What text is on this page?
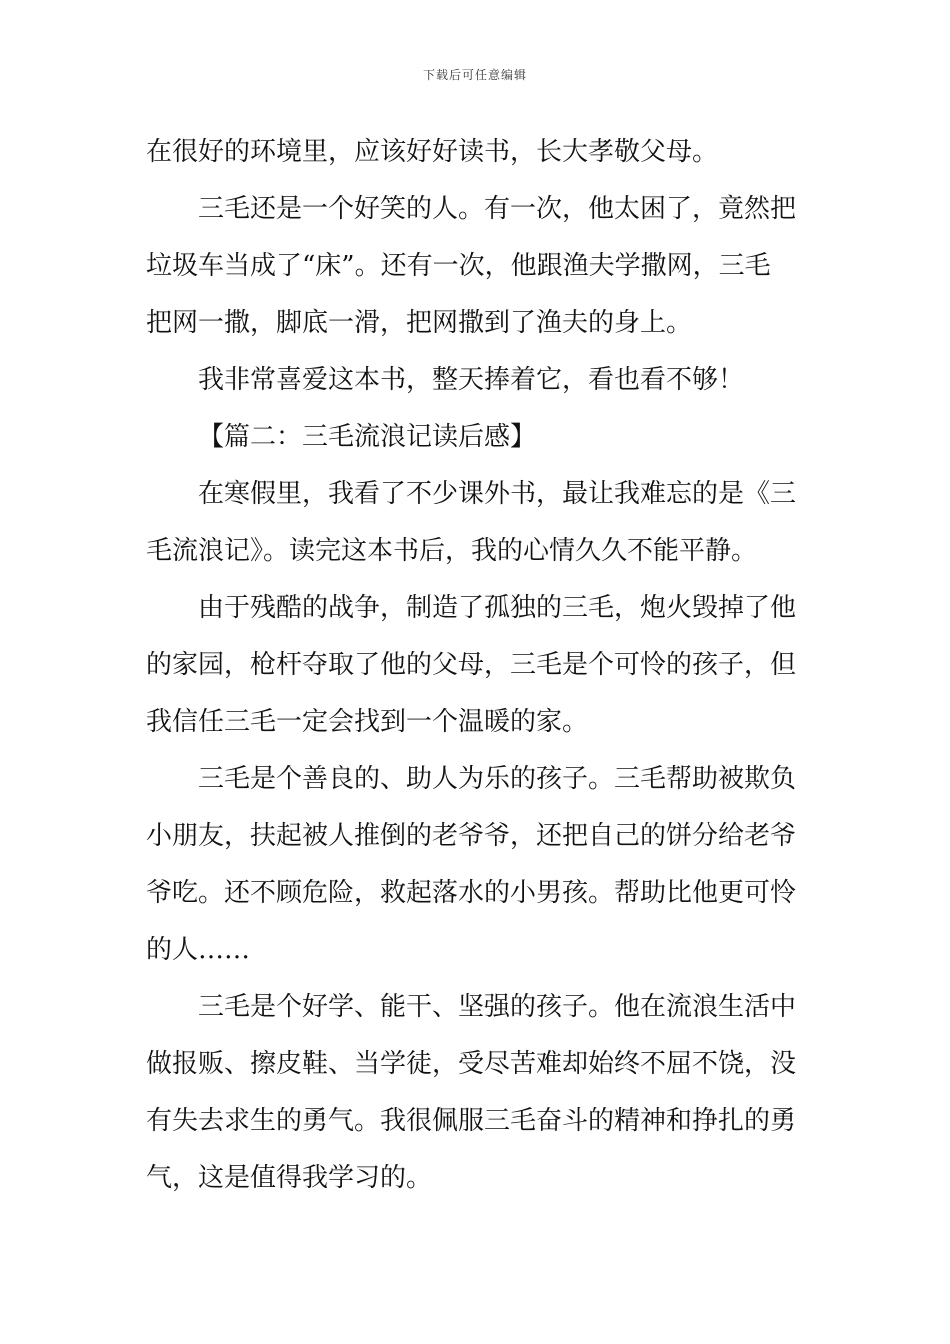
下载后可任意编辑

在很好的环境里，应该好好读书，长大孝敬父母。

三毛还是一个好笑的人。有一次，他太困了，竟然把
垃圾车当成了“床”。还有一次，他跟渔夫学撒网，三毛
把网一撒，脚底一滑，把网撒到了渔夫的身上。

我非常喜爱这本书，整天捧着它，看也看不够！

【篇二：三毛流浪记读后感】

在寒假里，我看了不少课外书，最让我难忘的是《三
毛流浪记》。读完这本书后，我的心情久久不能平静。

由于残酷的战争，制造了孤独的三毛，炮火毁掉了他
的家园，枪杆夺取了他的父母，三毛是个可怜的孩子，但
我信任三毛一定会找到一个温暖的家。

三毛是个善良的、助人为乐的孩子。三毛帮助被欺负
小朋友，扶起被人推倒的老爷爷，还把自己的饼分给老爷
爷吃。还不顾危险，救起落水的小男孩。帮助比他更可怜
的人……

三毛是个好学、能干、坚强的孩子。他在流浪生活中
做报贩、擦皮鞋、当学徒，受尽苦难却始终不屈不饶，没
有失去求生的勇气。我很佩服三毛奋斗的精神和挣扎的勇
气，这是值得我学习的。
